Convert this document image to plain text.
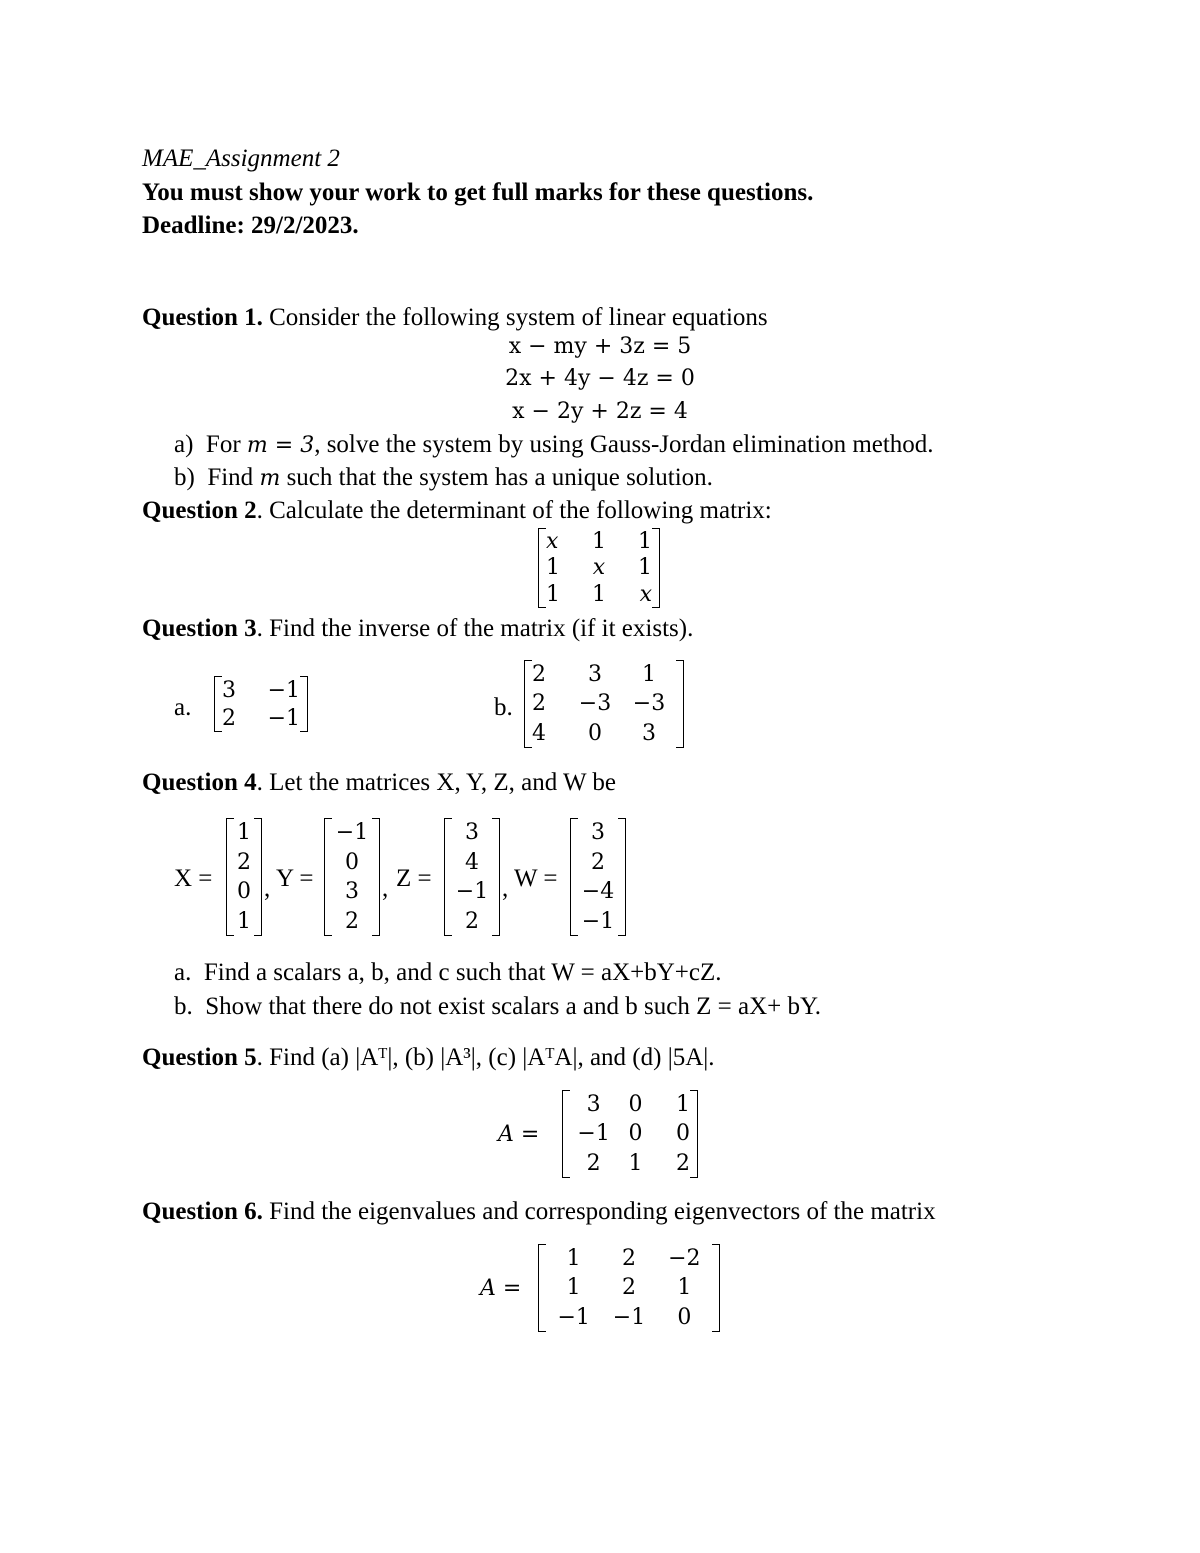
MAE_Assignment 2
You must show your work to get full marks for these questions.
Deadline: 29/2/2023.
Question 1. Consider the following system of linear equations
x − my + 3z = 5
2x + 4y − 4z = 0
x − 2y + 2z = 4
a) For m = 3, solve the system by using Gauss-Jordan elimination method.
b) Find m such that the system has a unique solution.
Question 2. Calculate the determinant of the following matrix:
x	1	1
1	x	1
1	1	x
Question 3. Find the inverse of the matrix (if it exists).
a.
3	−1
2	−1	b.
2	3	1
2	−3 −3
4	0	3
Question 4. Let the matrices X, Y, Z, and W be
X =
1
2
0
1
, Y =
−1
0
3
2
, Z =
3
4
−1
2
, W =
3
2
−4
−1
a. Find a scalars a, b, and c such that W = aX+bY+cZ.
b. Show that there do not exist scalars a and b such Z = aX+ bY.
Question 5. Find (a) |Aᵀ|, (b) |A³|, (c) |AᵀA|, and (d) |5A|.
A =
3	0	1
−1 0	0
2	1	2
Question 6. Find the eigenvalues and corresponding eigenvectors of the matrix
A =
1	2	−2
1	2	1
−1	−1	0
